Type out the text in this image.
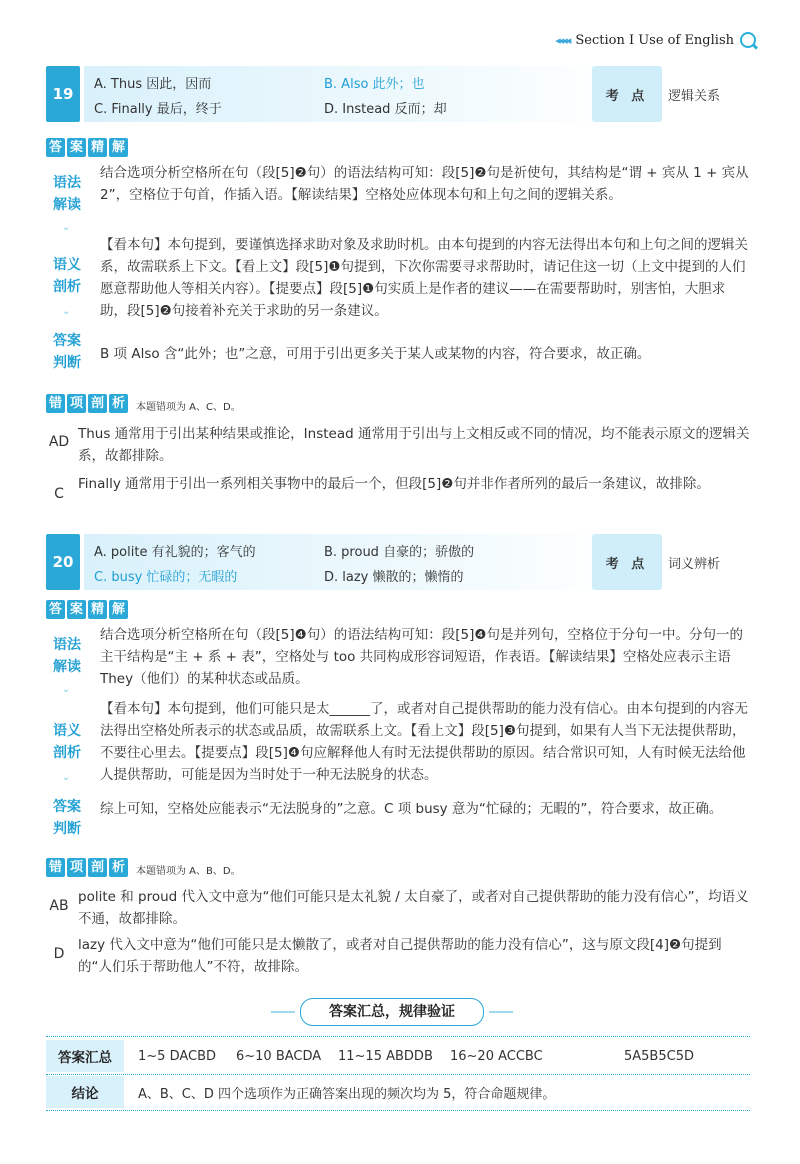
◂◂◂◂ Section I Use of English
19
A. Thus 因此，因而	B. Also 此外；也
C. Finally 最后，终于	D. Instead 反而；却
考 点	逻辑关系
答 案 精 解
语法
解读
⌄

结合选项分析空格所在句（段[5]❷句）的语法结构可知：段[5]❷句是祈使句，其结构是“谓 + 宾从 1 + 宾从 2”，空格位于句首，作插入语。【解读结果】空格处应体现本句和上句之间的逻辑关系。

语义
剖析
⌄

【看本句】本句提到，要谨慎选择求助对象及求助时机。由本句提到的内容无法得出本句和上句之间的逻辑关系，故需联系上下文。【看上文】段[5]❶句提到，下次你需要寻求帮助时，请记住这一切（上文中提到的人们愿意帮助他人等相关内容）。【提要点】段[5]❶句实质上是作者的建议——在需要帮助时，别害怕，大胆求助，段[5]❷句接着补充关于求助的另一条建议。

答案
判断

B 项 Also 含“此外；也”之意，可用于引出更多关于某人或某物的内容，符合要求，故正确。

错 项 剖 析	本题错项为 A、C、D。
AD Thus 通常用于引出某种结果或推论，Instead 通常用于引出与上文相反或不同的情况，均不能表示原文的逻辑关系，故都排除。

C

Finally 通常用于引出一系列相关事物中的最后一个，但段[5]❷句并非作者所列的最后一条建议，故排除。

20
A. polite 有礼貌的；客气的	B. proud 自豪的；骄傲的
C. busy 忙碌的；无暇的	D. lazy 懒散的；懒惰的
考 点	词义辨析
答 案 精 解
语法
解读
⌄

结合选项分析空格所在句（段[5]❹句）的语法结构可知：段[5]❹句是并列句，空格位于分句一中。分句一的主干结构是“主 + 系 + 表”，空格处与 too 共同构成形容词短语，作表语。【解读结果】空格处应表示主语 They（他们）的某种状态或品质。

语义
剖析
⌄

【看本句】本句提到，他们可能只是太______了，或者对自己提供帮助的能力没有信心。由本句提到的内容无法得出空格处所表示的状态或品质，故需联系上文。【看上文】段[5]❸句提到，如果有人当下无法提供帮助，不要往心里去。【提要点】段[5]❹句应解释他人有时无法提供帮助的原因。结合常识可知，人有时候无法给他人提供帮助，可能是因为当时处于一种无法脱身的状态。

答案
判断

综上可知，空格处应能表示“无法脱身的”之意。C 项 busy 意为“忙碌的；无暇的”，符合要求，故正确。

错 项 剖 析	本题错项为 A、B、D。
AB

polite 和 proud 代入文中意为“他们可能只是太礼貌 / 太自豪了，或者对自己提供帮助的能力没有信心”，均语义不通，故都排除。

D

lazy 代入文中意为“他们可能只是太懒散了，或者对自己提供帮助的能力没有信心”，这与原文段[4]❷句提到的“人们乐于帮助他人”不符，故排除。

答案汇总，规律验证
答案汇总	1~5 DACBD 6~10 BACDA 11~15 ABDDB 16~20 ACCBC	5A5B5C5D
结论	A、B、C、D 四个选项作为正确答案出现的频次均为 5，符合命题规律。
